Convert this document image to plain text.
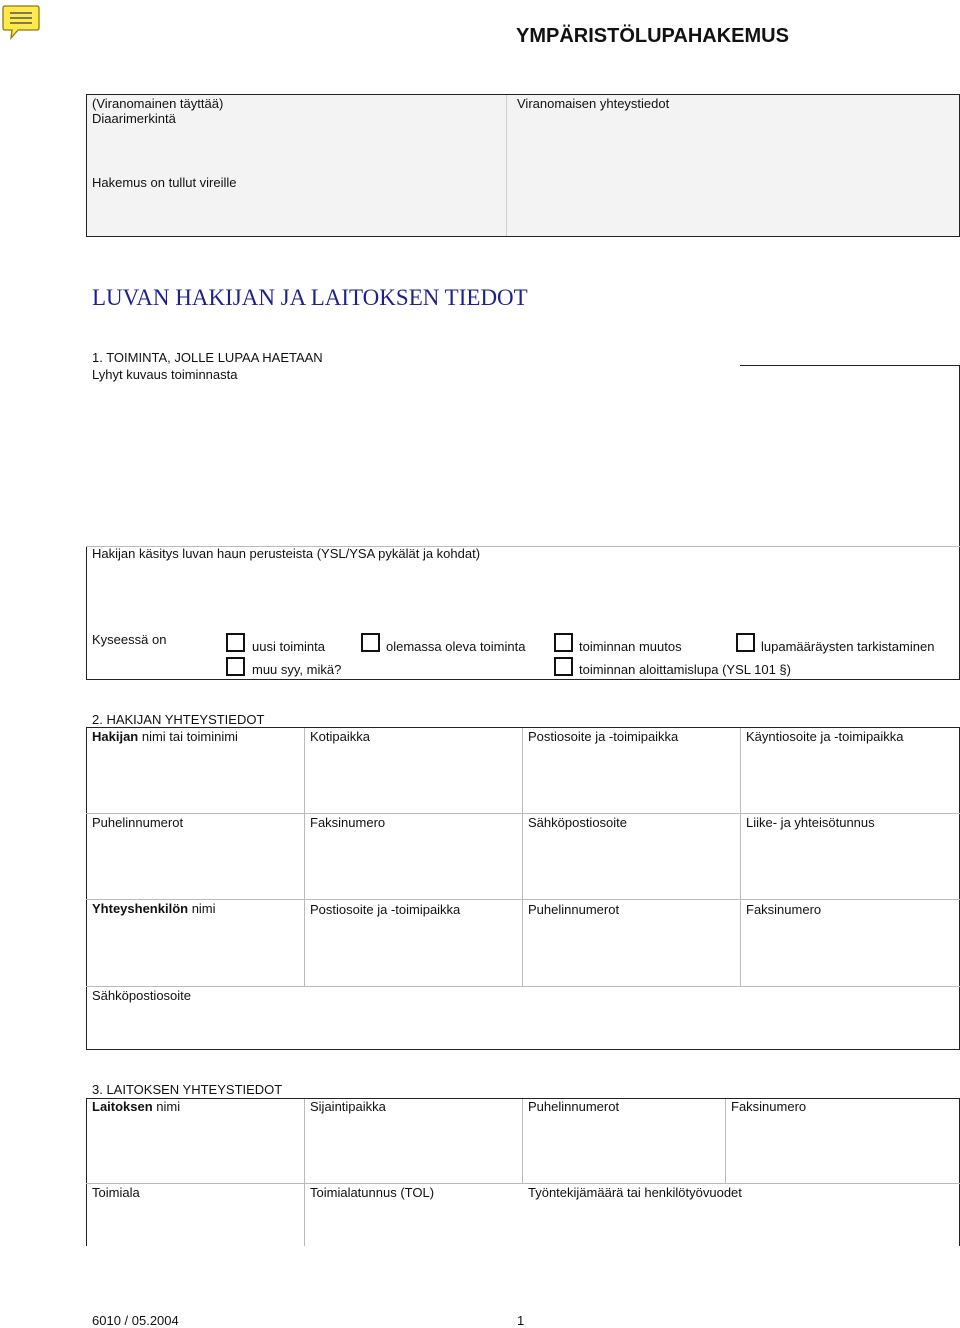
YMPÄRISTÖLUPAHAKEMUS
(Viranomainen täyttää)
Diaarimerkintä
Viranomaisen yhteystiedot
Hakemus on tullut vireille
LUVAN HAKIJAN JA LAITOKSEN TIEDOT
1. TOIMINTA, JOLLE LUPAA HAETAAN
Lyhyt kuvaus toiminnasta
Hakijan käsitys luvan haun perusteista (YSL/YSA pykälät ja kohdat)
Kyseessä on	uusi toiminta	olemassa oleva toiminta	toiminnan muutos	lupamääräysten tarkistaminen
muu syy, mikä?	toiminnan aloittamislupa (YSL 101 §)
2. HAKIJAN YHTEYSTIEDOT
Hakijan nimi tai toiminimi	Kotipaikka	Postiosoite ja -toimipaikka	Käyntiosoite ja -toimipaikka
Puhelinnumerot	Faksinumero	Sähköpostiosoite	Liike- ja yhteisötunnus
Yhteyshenkilön nimi	Postiosoite ja -toimipaikka	Puhelinnumerot	Faksinumero
Sähköpostiosoite
3. LAITOKSEN YHTEYSTIEDOT
Laitoksen nimi	Sijaintipaikka	Puhelinnumerot	Faksinumero
Toimiala	Toimialatunnus (TOL)	Työntekijämäärä tai henkilötyövuodet
6010 / 05.2004	1
